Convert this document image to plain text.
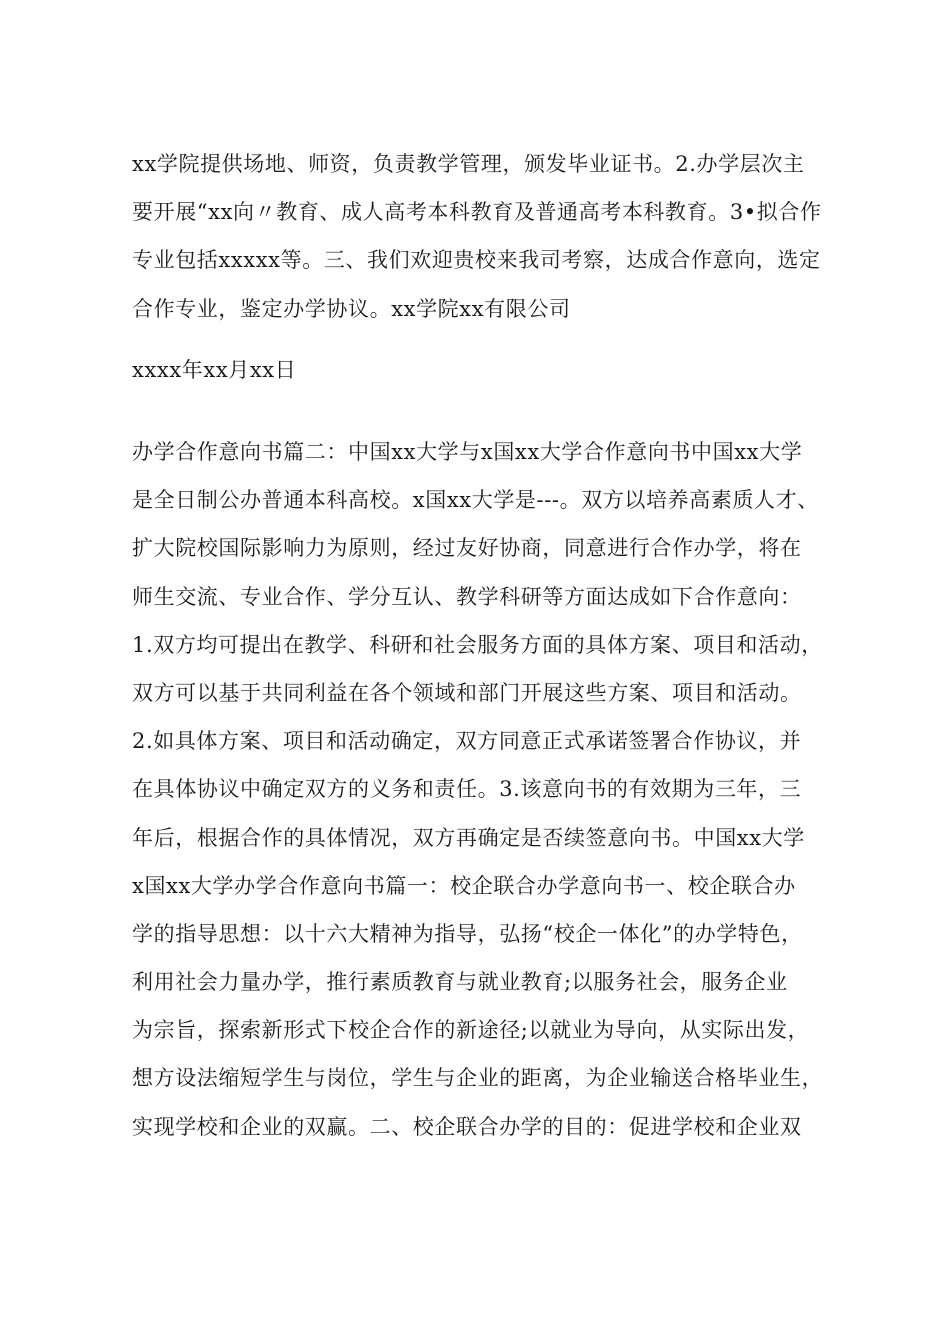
xx学院提供场地、师资，负责教学管理，颁发毕业证书。2.办学层次主
要开展“xx向〃教育、成人高考本科教育及普通高考本科教育。3•拟合作
专业包括xxxxx等。三、我们欢迎贵校来我司考察，达成合作意向，选定
合作专业，鉴定办学协议。xx学院xx有限公司
xxxx年xx月xx日
办学合作意向书篇二：中国xx大学与x国xx大学合作意向书中国xx大学
是全日制公办普通本科高校。x国xx大学是---。双方以培养高素质人才、
扩大院校国际影响力为原则，经过友好协商，同意进行合作办学，将在
师生交流、专业合作、学分互认、教学科研等方面达成如下合作意向：
1.双方均可提出在教学、科研和社会服务方面的具体方案、项目和活动，
双方可以基于共同利益在各个领域和部门开展这些方案、项目和活动。
2.如具体方案、项目和活动确定，双方同意正式承诺签署合作协议，并
在具体协议中确定双方的义务和责任。3.该意向书的有效期为三年，三
年后，根据合作的具体情况，双方再确定是否续签意向书。中国xx大学
x国xx大学办学合作意向书篇一：校企联合办学意向书一、校企联合办
学的指导思想：以十六大精神为指导，弘扬“校企一体化”的办学特色，
利用社会力量办学，推行素质教育与就业教育;以服务社会，服务企业
为宗旨，探索新形式下校企合作的新途径;以就业为导向，从实际出发，
想方设法缩短学生与岗位，学生与企业的距离，为企业输送合格毕业生，
实现学校和企业的双赢。二、校企联合办学的目的：促进学校和企业双
